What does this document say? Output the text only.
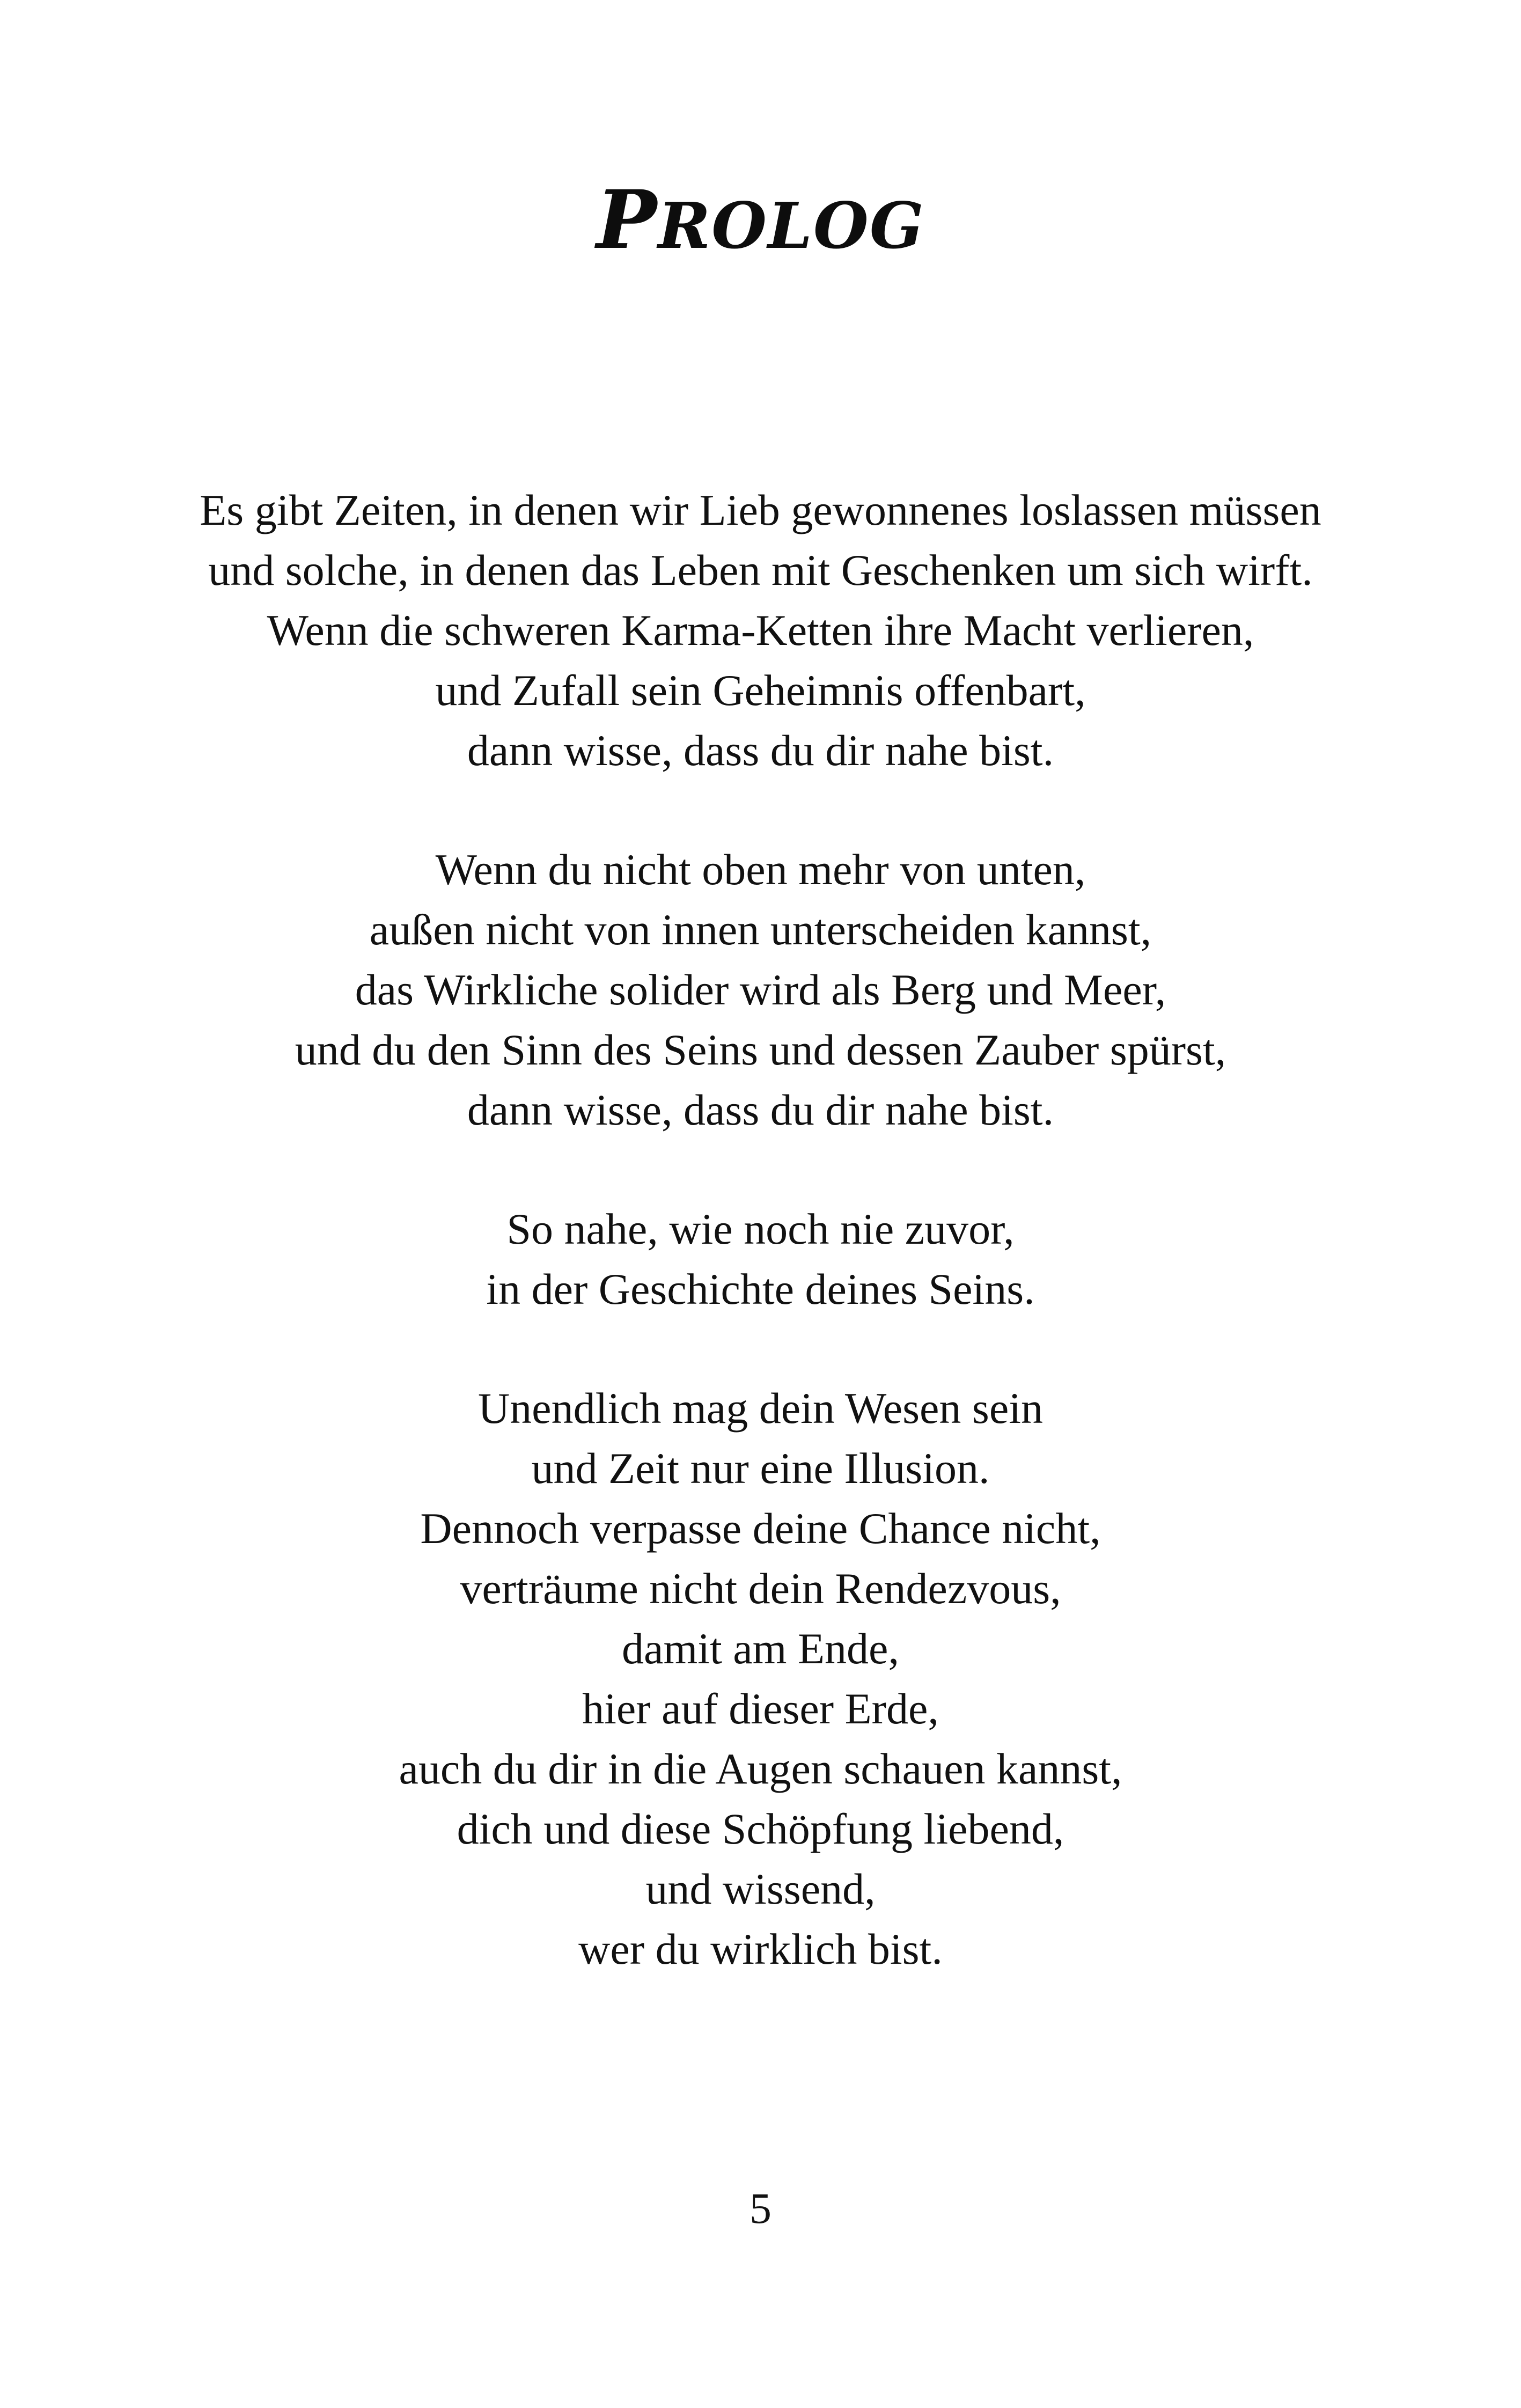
PROLOG
Es gibt Zeiten, in denen wir Lieb gewonnenes loslassen müssen
und solche, in denen das Leben mit Geschenken um sich wirft.
Wenn die schweren Karma-Ketten ihre Macht verlieren,
und Zufall sein Geheimnis offenbart,
dann wisse, dass du dir nahe bist.
Wenn du nicht oben mehr von unten,
außen nicht von innen unterscheiden kannst,
das Wirkliche solider wird als Berg und Meer,
und du den Sinn des Seins und dessen Zauber spürst,
dann wisse, dass du dir nahe bist.
So nahe, wie noch nie zuvor,
in der Geschichte deines Seins.
Unendlich mag dein Wesen sein
und Zeit nur eine Illusion.
Dennoch verpasse deine Chance nicht,
verträume nicht dein Rendezvous,
damit am Ende,
hier auf dieser Erde,
auch du dir in die Augen schauen kannst,
dich und diese Schöpfung liebend,
und wissend,
wer du wirklich bist.
5
